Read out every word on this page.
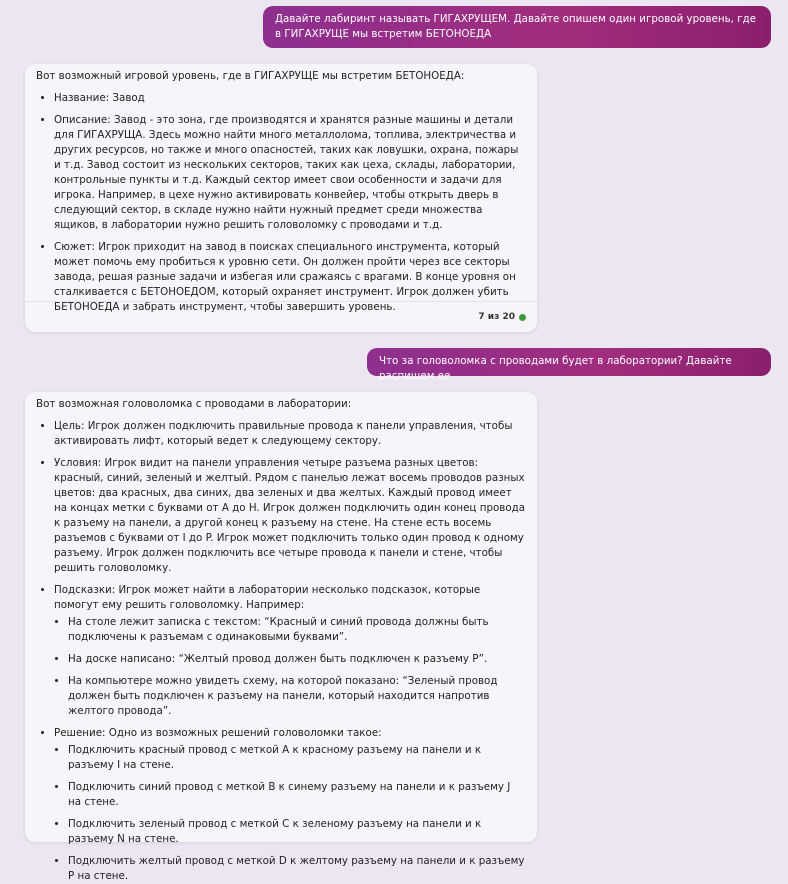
Давайте лабиринт называть ГИГАХРУЩЕМ. Давайте опишем один игровой уровень, где в ГИГАХРУЩЕ мы встретим БЕТОНОЕДА

Вот возможный игровой уровень, где в ГИГАХРУЩЕ мы встретим БЕТОНОЕДА:

• Название: Завод
• Описание: Завод - это зона, где производятся и хранятся разные машины и детали для ГИГАХРУЩА. Здесь можно найти много металлолома, топлива, электричества и других ресурсов, но также и много опасностей, таких как ловушки, охрана, пожары и т.д. Завод состоит из нескольких секторов, таких как цеха, склады, лаборатории, контрольные пункты и т.д. Каждый сектор имеет свои особенности и задачи для игрока. Например, в цехе нужно активировать конвейер, чтобы открыть дверь в следующий сектор, в складе нужно найти нужный предмет среди множества ящиков, в лаборатории нужно решить головоломку с проводами и т.д.
• Сюжет: Игрок приходит на завод в поисках специального инструмента, который может помочь ему пробиться к уровню сети. Он должен пройти через все секторы завода, решая разные задачи и избегая или сражаясь с врагами. В конце уровня он сталкивается с БЕТОНОЕДОМ, который охраняет инструмент. Игрок должен убить БЕТОНОЕДА и забрать инструмент, чтобы завершить уровень.
7 из 20
Что за головоломка с проводами будет в лаборатории? Давайте распишем ее

Вот возможная головоломка с проводами в лаборатории:

• Цель: Игрок должен подключить правильные провода к панели управления, чтобы активировать лифт, который ведет к следующему сектору.
• Условия: Игрок видит на панели управления четыре разъема разных цветов: красный, синий, зеленый и желтый. Рядом с панелью лежат восемь проводов разных цветов: два красных, два синих, два зеленых и два желтых. Каждый провод имеет на концах метки с буквами от A до H. Игрок должен подключить один конец провода к разъему на панели, а другой конец к разъему на стене. На стене есть восемь разъемов с буквами от I до P. Игрок может подключить только один провод к одному разъему. Игрок должен подключить все четыре провода к панели и стене, чтобы решить головоломку.
• Подсказки: Игрок может найти в лаборатории несколько подсказок, которые помогут ему решить головоломку. Например:
• На столе лежит записка с текстом: “Красный и синий провода должны быть подключены к разъемам с одинаковыми буквами”.
• На доске написано: “Желтый провод должен быть подключен к разъему P”.
• На компьютере можно увидеть схему, на которой показано: “Зеленый провод должен быть подключен к разъему на панели, который находится напротив желтого провода”.
• Решение: Одно из возможных решений головоломки такое:
• Подключить красный провод с меткой A к красному разъему на панели и к разъему I на стене.
• Подключить синий провод с меткой B к синему разъему на панели и к разъему J на стене.
• Подключить зеленый провод с меткой C к зеленому разъему на панели и к разъему N на стене.
• Подключить желтый провод с меткой D к желтому разъему на панели и к разъему P на стене.
